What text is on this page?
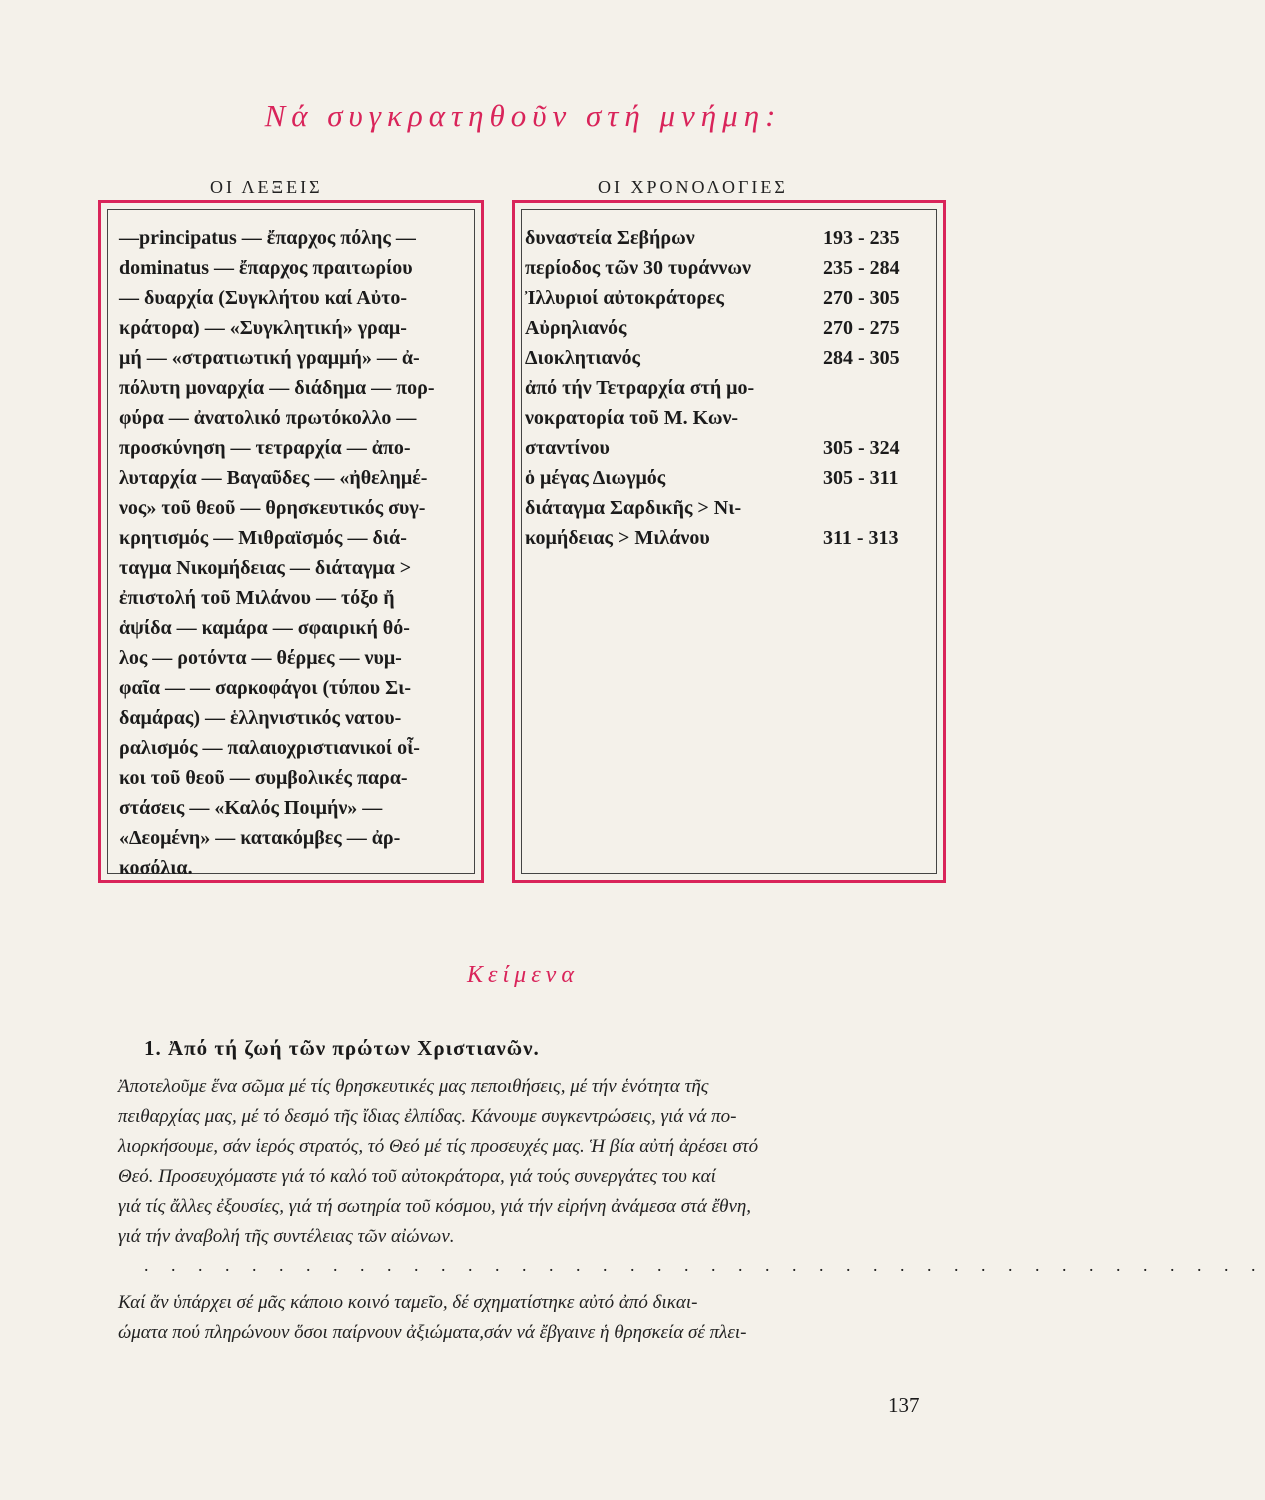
Νά συγκρατηθοῦν στή μνήμη:
ΟΙ ΛΕΞΕΙΣ	ΟΙ ΧΡΟΝΟΛΟΓΙΕΣ
—principatus — ἔπαρχος πόλης —
dominatus — ἔπαρχος πραιτωρίου
— δυαρχία (Συγκλήτου καί Αὐτο-
κράτορα) — «Συγκλητική» γραμ-
μή — «στρατιωτική γραμμή» — ἀ-
πόλυτη μοναρχία — διάδημα — πορ-
φύρα — ἀνατολικό πρωτόκολλο —
προσκύνηση — τετραρχία — ἀπο-
λυταρχία — Βαγαῦδες — «ἠθελημέ-
νος» τοῦ θεοῦ — θρησκευτικός συγ-
κρητισμός — Μιθραϊσμός — διά-
ταγμα Νικομήδειας — διάταγμα >
ἐπιστολή τοῦ Μιλάνου — τόξο ἤ
ἁψίδα — καμάρα — σφαιρική θό-
λος — ροτόντα — θέρμες — νυμ-
φαῖα — — σαρκοφάγοι (τύπου Σι-
δαμάρας) — ἑλληνιστικός νατου-
ραλισμός — παλαιοχριστιανικοί οἶ-
κοι τοῦ θεοῦ — συμβολικές παρα-
στάσεις — «Καλός Ποιμήν» —
«Δεομένη» — κατακόμβες — ἀρ-
κοσόλια.
δυναστεία Σεβήρων	193 - 235
περίοδος τῶν 30 τυράννων	235 - 284
Ἰλλυριοί αὐτοκράτορες	270 - 305
Αὐρηλιανός	270 - 275
Διοκλητιανός	284 - 305
ἀπό τήν Τετραρχία στή μο-
νοκρατορία τοῦ Μ. Κων-
σταντίνου	305 - 324
ὁ μέγας Διωγμός	305 - 311
διάταγμα Σαρδικῆς > Νι-
κομήδειας > Μιλάνου	311 - 313
Κείμενα
1. Ἀπό τή ζωή τῶν πρώτων Χριστιανῶν.
Ἀποτελοῦμε ἕνα σῶμα μέ τίς θρησκευτικές μας πεποιθήσεις, μέ τήν ἑνότητα τῆς
πειθαρχίας μας, μέ τό δεσμό τῆς ἴδιας ἐλπίδας. Κάνουμε συγκεντρώσεις, γιά νά πο-
λιορκήσουμε, σάν ἱερός στρατός, τό Θεό μέ τίς προσευχές μας. Ἡ βία αὐτή ἀρέσει στό
Θεό. Προσευχόμαστε γιά τό καλό τοῦ αὐτοκράτορα, γιά τούς συνεργάτες του καί
γιά τίς ἄλλες ἐξουσίες, γιά τή σωτηρία τοῦ κόσμου, γιά τήν εἰρήνη ἀνάμεσα στά ἔθνη,
γιά τήν ἀναβολή τῆς συντέλειας τῶν αἰώνων.
. . . . . . . . . . . . . . . . . . . . . . . . . . . . . . . . . . . . . . . . . .
Καί ἄν ὑπάρχει σέ μᾶς κάποιο κοινό ταμεῖο, δέ σχηματίστηκε αὐτό ἀπό δικαι-
ώματα πού πληρώνουν ὅσοι παίρνουν ἀξιώματα,σάν νά ἔβγαινε ἡ θρησκεία σέ πλει-
137
